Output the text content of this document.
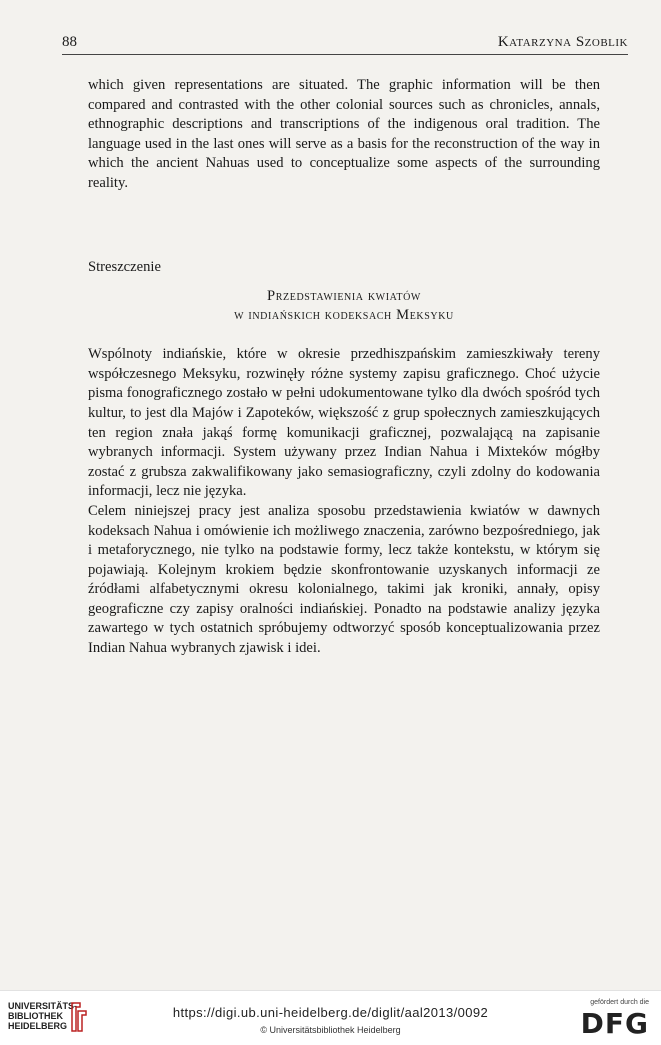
88	Katarzyna Szoblik

which given representations are situated. The graphic information will be then compared and contrasted with the other colonial sources such as chronicles, annals, ethnographic descriptions and transcriptions of the indigenous oral tradition. The language used in the last ones will serve as a basis for the reconstruction of the way in which the ancient Nahuas used to conceptualize some aspects of the surrounding reality.

Streszczenie

Przedstawienia kwiatów
w indiańskich kodeksach Meksyku

Wspólnoty indiańskie, które w okresie przedhiszpańskim zamieszkiwały tereny współczesnego Meksyku, rozwinęły różne systemy zapisu graficznego. Choć użycie pisma fonograficznego zostało w pełni udokumentowane tylko dla dwóch spośród tych kultur, to jest dla Majów i Zapoteków, większość z grup społecznych zamieszkujących ten region znała jakąś formę komunikacji graficznej, pozwalającą na zapisanie wybranych informacji. System używany przez Indian Nahua i Mixteków mógłby zostać z grubsza zakwalifikowany jako semasiograficzny, czyli zdolny do kodowania informacji, lecz nie języka.

Celem niniejszej pracy jest analiza sposobu przedstawienia kwiatów w dawnych kodeksach Nahua i omówienie ich możliwego znaczenia, zarówno bezpośredniego, jak i metaforycznego, nie tylko na podstawie formy, lecz także kontekstu, w którym się pojawiają. Kolejnym krokiem będzie skonfrontowanie uzyskanych informacji ze źródłami alfabetycznymi okresu kolonialnego, takimi jak kroniki, annały, opisy geograficzne czy zapisy oralności indiańskiej. Ponadto na podstawie analizy języka zawartego w tych ostatnich spróbujemy odtworzyć sposób konceptualizowania przez Indian Nahua wybranych zjawisk i idei.

UNIVERSITÄTS-
BIBLIOTHEK
HEIDELBERG
https://digi.ub.uni-heidelberg.de/diglit/aal2013/0092
© Universitätsbibliothek Heidelberg
gefördert durch die
DFG
